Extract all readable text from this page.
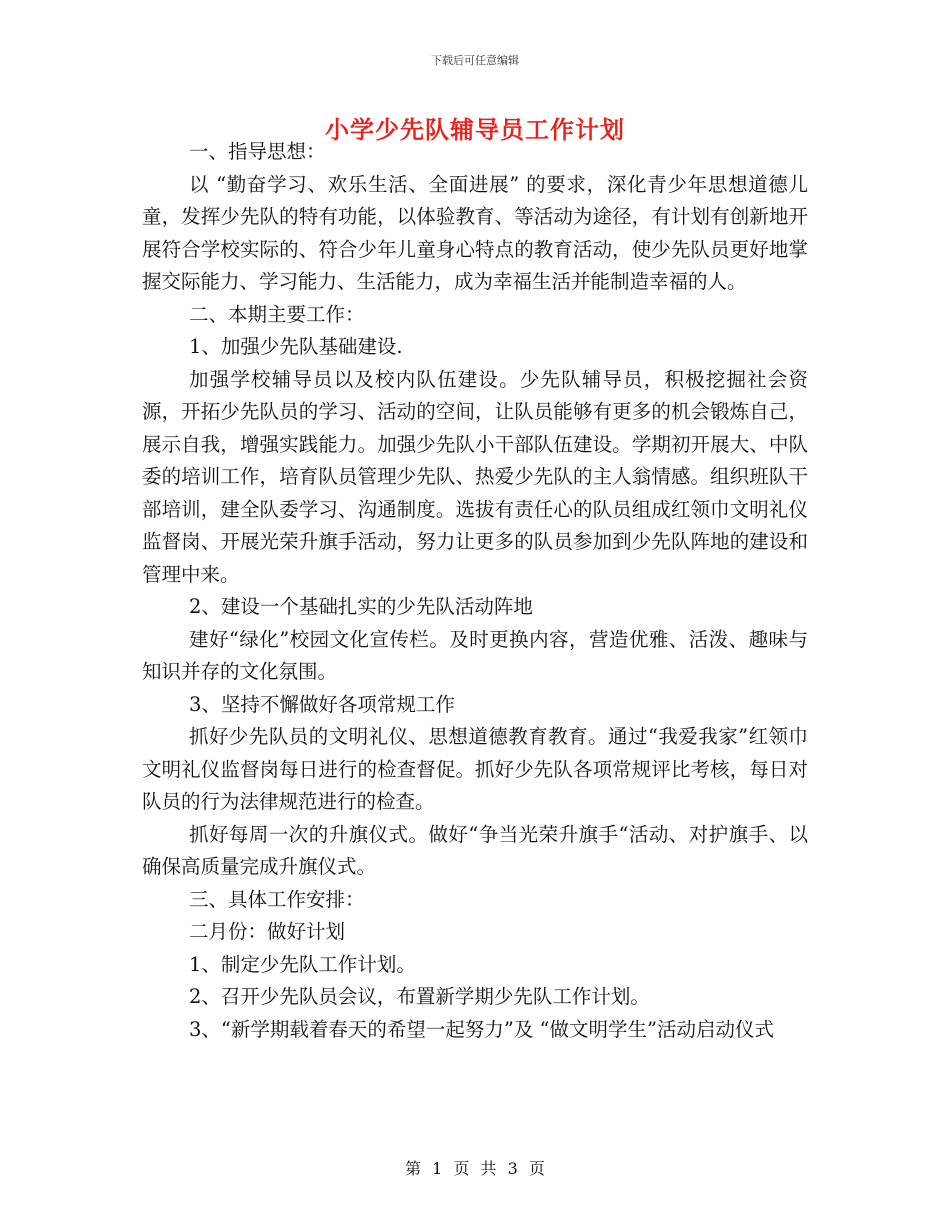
下载后可任意编辑
小学少先队辅导员工作计划

一、指导思想：

以 “勤奋学习、欢乐生活、全面进展” 的要求，深化青少年思想道德儿童，发挥少先队的特有功能，以体验教育、等活动为途径，有计划有创新地开展符合学校实际的、符合少年儿童身心特点的教育活动，使少先队员更好地掌握交际能力、学习能力、生活能力，成为幸福生活并能制造幸福的人。

二、本期主要工作：

1、加强少先队基础建设.

加强学校辅导员以及校内队伍建设。少先队辅导员，积极挖掘社会资源，开拓少先队员的学习、活动的空间，让队员能够有更多的机会锻炼自己，展示自我，增强实践能力。加强少先队小干部队伍建设。学期初开展大、中队委的培训工作，培育队员管理少先队、热爱少先队的主人翁情感。组织班队干部培训，建全队委学习、沟通制度。选拔有责任心的队员组成红领巾文明礼仪监督岗、开展光荣升旗手活动，努力让更多的队员参加到少先队阵地的建设和管理中来。

2、建设一个基础扎实的少先队活动阵地

建好“绿化”校园文化宣传栏。及时更换内容，营造优雅、活泼、趣味与知识并存的文化氛围。

3、坚持不懈做好各项常规工作

抓好少先队员的文明礼仪、思想道德教育教育。通过“我爱我家”红领巾文明礼仪监督岗每日进行的检查督促。抓好少先队各项常规评比考核，每日对队员的行为法律规范进行的检查。

抓好每周一次的升旗仪式。做好“争当光荣升旗手“活动、对护旗手、以确保高质量完成升旗仪式。

三、具体工作安排：

二月份：做好计划

1、制定少先队工作计划。

2、召开少先队员会议，布置新学期少先队工作计划。

3、“新学期载着春天的希望一起努力”及 “做文明学生”活动启动仪式

第 1 页 共 3 页
